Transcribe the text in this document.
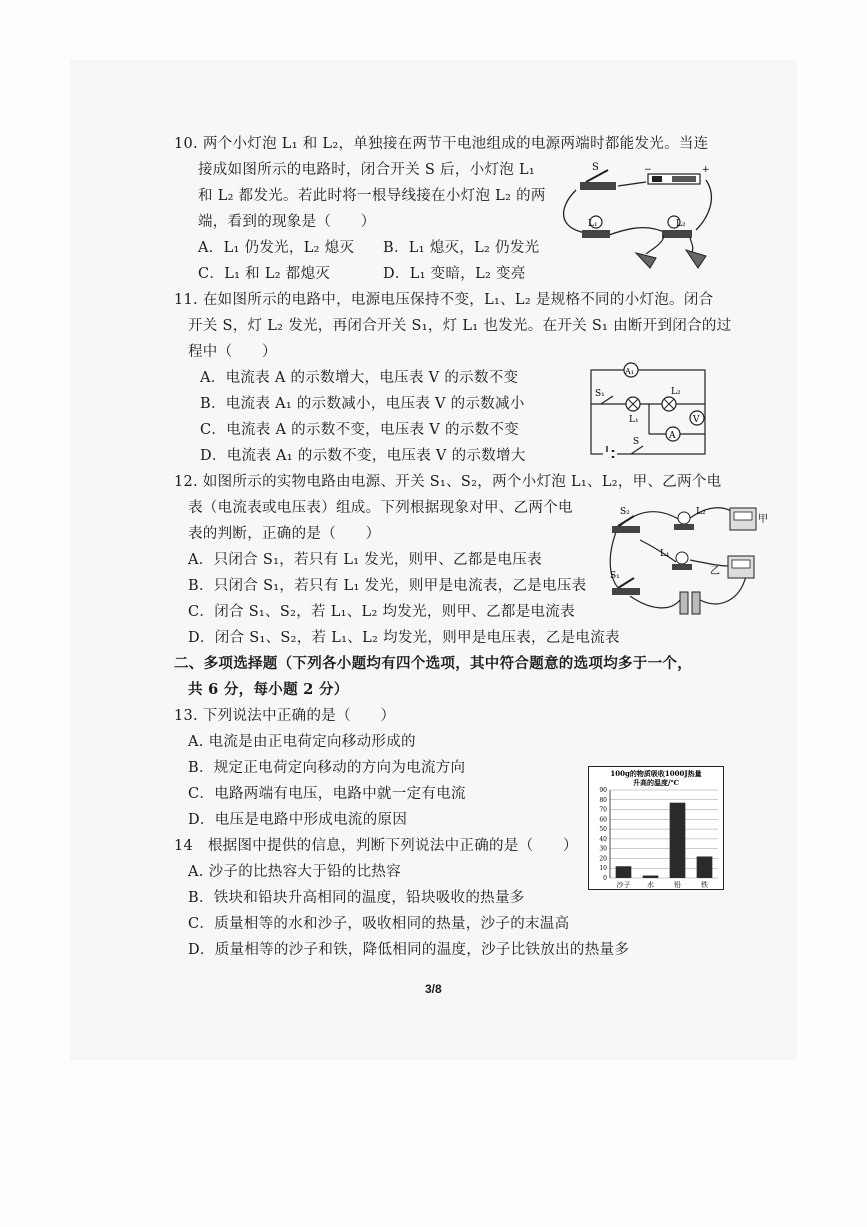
10. 两个小灯泡 L₁ 和 L₂，单独接在两节干电池组成的电源两端时都能发光。当连
接成如图所示的电路时，闭合开关 S 后，小灯泡 L₁
和 L₂ 都发光。若此时将一根导线接在小灯泡 L₂ 的两
端，看到的现象是（　　）
A．L₁ 仍发光，L₂ 熄灭 B．L₁ 熄灭，L₂ 仍发光
C．L₁ 和 L₂ 都熄灭	D．L₁ 变暗，L₂ 变亮
S
L₁	L₂
−	+
11. 在如图所示的电路中，电源电压保持不变，L₁、L₂ 是规格不同的小灯泡。闭合
开关 S，灯 L₂ 发光，再闭合开关 S₁，灯 L₁ 也发光。在开关 S₁ 由断开到闭合的过
程中（　　）
A．电流表 A 的示数增大，电压表 V 的示数不变
B．电流表 A₁ 的示数减小，电压表 V 的示数减小
C．电流表 A 的示数不变，电压表 V 的示数不变
D．电流表 A₁ 的示数不变，电压表 V 的示数增大
A₁
S₁
L₁
L₂
V
A
S
12. 如图所示的实物电路由电源、开关 S₁、S₂，两个小灯泡 L₁、L₂，甲、乙两个电
表（电流表或电压表）组成。下列根据现象对甲、乙两个电
表的判断，正确的是（　　）
A．只闭合 S₁，若只有 L₁ 发光，则甲、乙都是电压表
B．只闭合 S₁，若只有 L₁ 发光，则甲是电流表，乙是电压表
C．闭合 S₁、S₂，若 L₁、L₂ 均发光，则甲、乙都是电流表
D．闭合 S₁、S₂，若 L₁、L₂ 均发光，则甲是电压表，乙是电流表
S₂
S₁
L₁
L₂
甲
乙
二、多项选择题（下列各小题均有四个选项，其中符合题意的选项均多于一个，
共 6 分，每小题 2 分）
13. 下列说法中正确的是（　　）
A. 电流是由正电荷定向移动形成的
B．规定正电荷定向移动的方向为电流方向
C．电路两端有电压，电路中就一定有电流
D．电压是电路中形成电流的原因
14　根据图中提供的信息，判断下列说法中正确的是（　　）
A. 沙子的比热容大于铅的比热容
B．铁块和铅块升高相同的温度，铅块吸收的热量多
C．质量相等的水和沙子，吸收相同的热量，沙子的末温高
D．质量相等的沙子和铁，降低相同的温度，沙子比铁放出的热量多
100g的物质吸收1000J热量
升高的温度/℃
0
10
20
30
40
50
60
70
80
90
沙子 水	铅	铁
3/8
